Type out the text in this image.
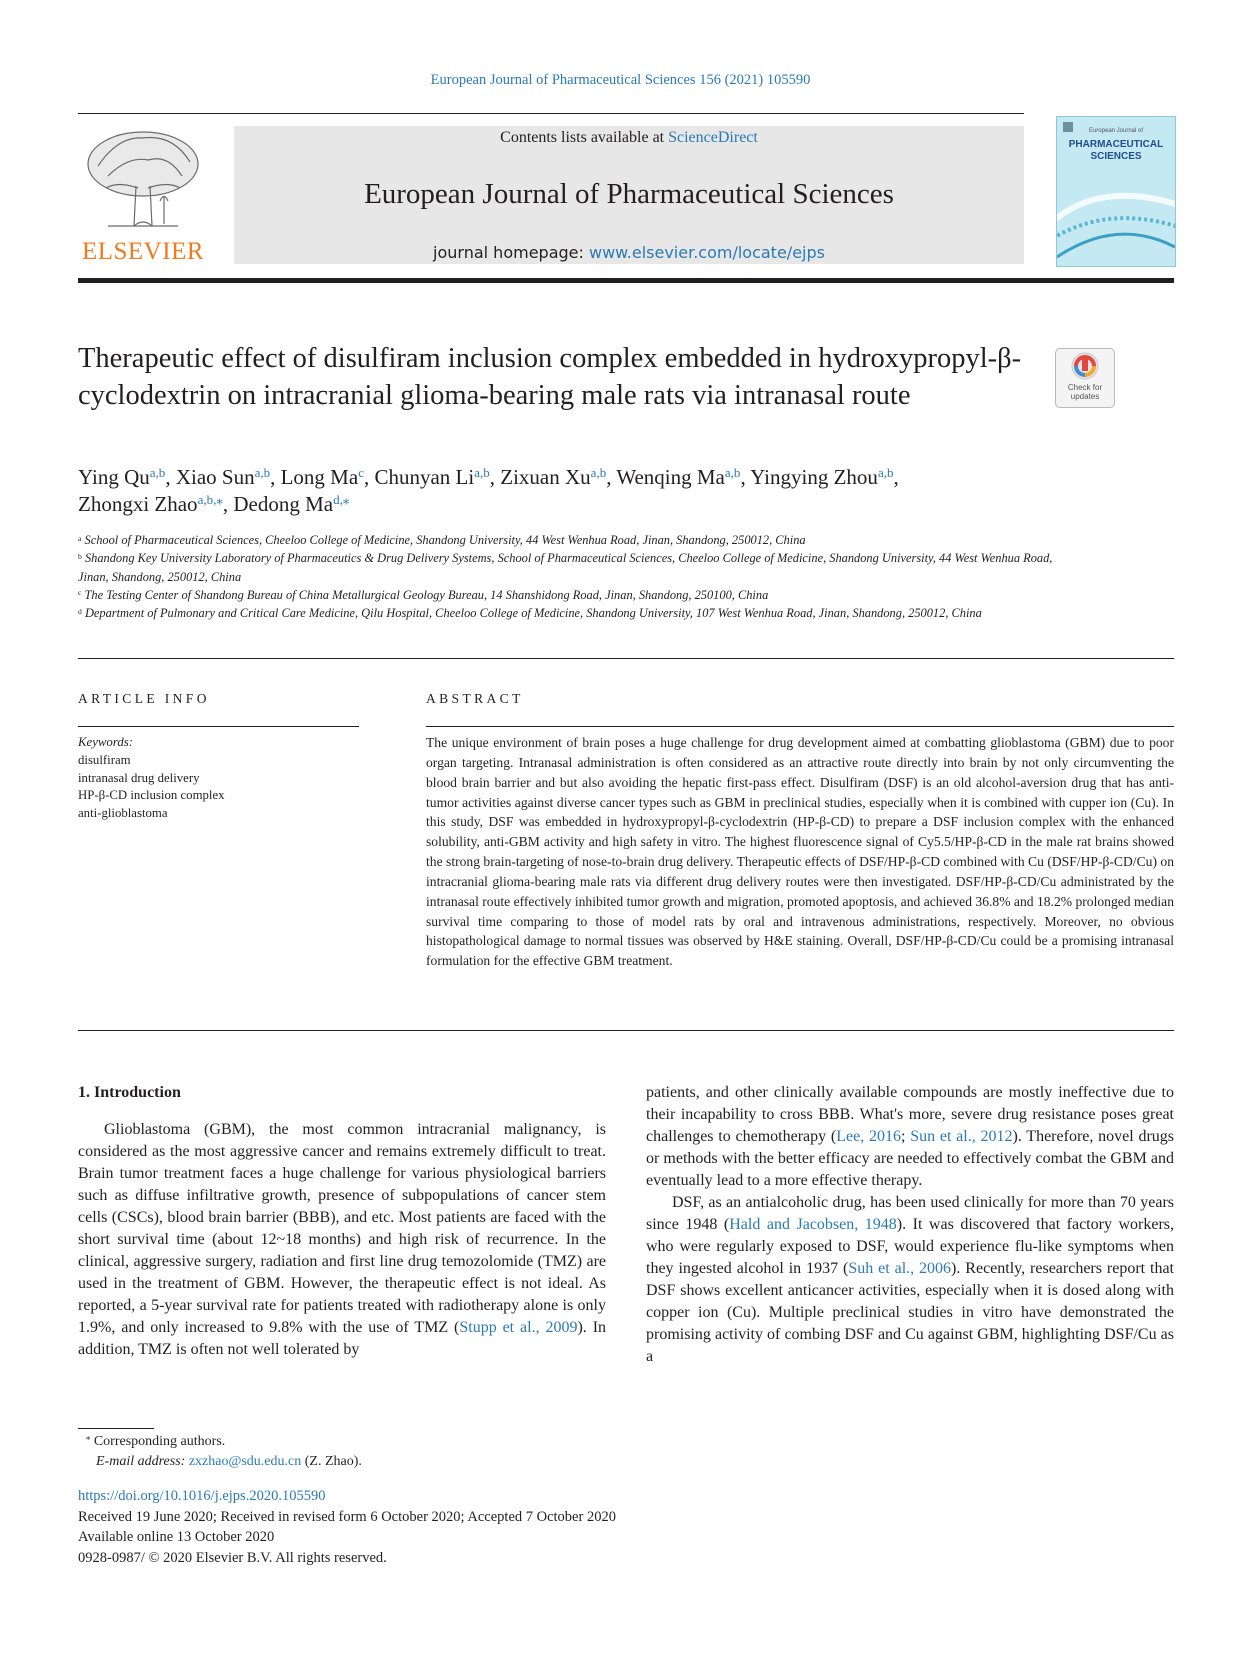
European Journal of Pharmaceutical Sciences 156 (2021) 105590
ELSEVIER
Contents lists available at ScienceDirect
European Journal of Pharmaceutical Sciences
journal homepage: www.elsevier.com/locate/ejps
European Journal of
PHARMACEUTICAL
SCIENCES
Therapeutic effect of disulfiram inclusion complex embedded in hydroxypropyl-β-cyclodextrin on intracranial glioma-bearing male rats via intranasal route	Check for
updates
Ying Qu$^{a,b}$, Xiao Sun$^{a,b}$, Long Ma$^c$, Chunyan Li$^{a,b}$, Zixuan Xu$^{a,b}$, Wenqing Ma$^{a,b}$, Yingying Zhou$^{a,b}$,
Zhongxi Zhao$^{a,b,⁎}$, Dedong $Ma^{d,⁎}$
$^a$ School of Pharmaceutical Sciences, Cheeloo College of Medicine, Shandong University, 44 West Wenhua Road, Jinan, Shandong, 250012, China
$^b$ Shandong Key University Laboratory of Pharmaceutics & Drug Delivery Systems, School of Pharmaceutical Sciences, Cheeloo College of Medicine, Shandong University, 44 West Wenhua Road, Jinan, Shandong, 250012, China
$^c$ The Testing Center of Shandong Bureau of China Metallurgical Geology Bureau, 14 Shanshidong Road, Jinan, Shandong, 250100, China
$^d$ Department of Pulmonary and Critical Care Medicine, Qilu Hospital, Cheeloo College of Medicine, Shandong University, 107 West Wenhua Road, Jinan, Shandong, 250012, China
ARTICLE INFO	ABSTRACT
Keywords:
disulfiram
intranasal drug delivery
HP-β-CD inclusion complex
anti-glioblastoma
The unique environment of brain poses a huge challenge for drug development aimed at combatting glioblastoma (GBM) due to poor organ targeting. Intranasal administration is often considered as an attractive route directly into brain by not only circumventing the blood brain barrier and but also avoiding the hepatic first-pass effect. Disulfiram (DSF) is an old alcohol-aversion drug that has anti-tumor activities against diverse cancer types such as GBM in preclinical studies, especially when it is combined with cupper ion (Cu). In this study, DSF was embedded in hydroxypropyl-β-cyclodextrin (HP-β-CD) to prepare a DSF inclusion complex with the enhanced solubility, anti-GBM activity and high safety in vitro. The highest fluorescence signal of Cy5.5/HP-β-CD in the male rat brains showed the strong brain-targeting of nose-to-brain drug delivery. Therapeutic effects of DSF/HP-β-CD combined with Cu (DSF/HP-β-CD/Cu) on intracranial glioma-bearing male rats via different drug delivery routes were then investigated. DSF/HP-β-CD/Cu administrated by the intranasal route effectively inhibited tumor growth and migration, promoted apoptosis, and achieved 36.8% and 18.2% prolonged median survival time comparing to those of model rats by oral and intravenous administrations, respectively. Moreover, no obvious histopathological damage to normal tissues was observed by H&E staining. Overall, DSF/HP-β-CD/Cu could be a promising intranasal formulation for the effective GBM treatment.

1. Introduction

Glioblastoma (GBM), the most common intracranial malignancy, is considered as the most aggressive cancer and remains extremely difficult to treat. Brain tumor treatment faces a huge challenge for various physiological barriers such as diffuse infiltrative growth, presence of subpopulations of cancer stem cells (CSCs), blood brain barrier (BBB), and etc. Most patients are faced with the short survival time (about 12~18 months) and high risk of recurrence. In the clinical, aggressive surgery, radiation and first line drug temozolomide (TMZ) are used in the treatment of GBM. However, the therapeutic effect is not ideal. As reported, a 5-year survival rate for patients treated with radiotherapy alone is only 1.9%, and only increased to 9.8% with the use of TMZ (Stupp et al., 2009). In addition, TMZ is often not well tolerated by

patients, and other clinically available compounds are mostly ineffective due to their incapability to cross BBB. What's more, severe drug resistance poses great challenges to chemotherapy (Lee, 2016; Sun et al., 2012). Therefore, novel drugs or methods with the better efficacy are needed to effectively combat the GBM and eventually lead to a more effective therapy.

DSF, as an antialcoholic drug, has been used clinically for more than 70 years since 1948 (Hald and Jacobsen, 1948). It was discovered that factory workers, who were regularly exposed to DSF, would experience flu-like symptoms when they ingested alcohol in 1937 (Suh et al., 2006). Recently, researchers report that DSF shows excellent anticancer activities, especially when it is dosed along with copper ion (Cu). Multiple preclinical studies in vitro have demonstrated the promising activity of combing DSF and Cu against GBM, highlighting DSF/Cu as a

⁎ Corresponding authors.
E-mail address: zxzhao@sdu.edu.cn (Z. Zhao).
https://doi.org/10.1016/j.ejps.2020.105590
Received 19 June 2020; Received in revised form 6 October 2020; Accepted 7 October 2020
Available online 13 October 2020
0928-0987/ © 2020 Elsevier B.V. All rights reserved.
